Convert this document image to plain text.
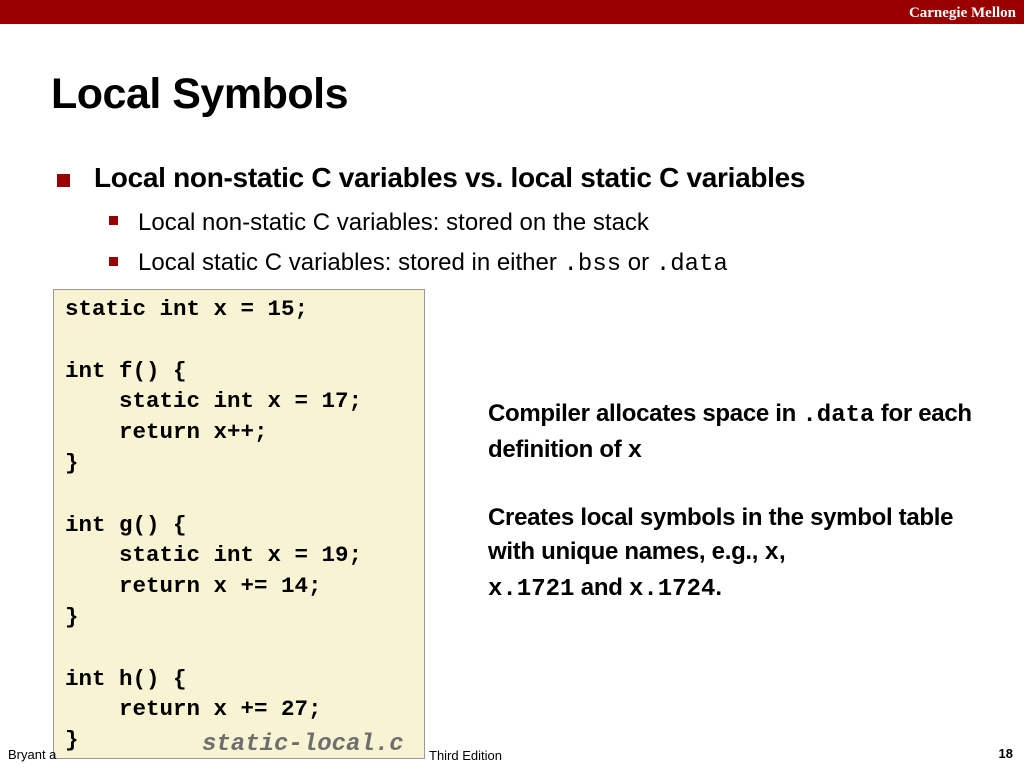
Carnegie Mellon
Local Symbols
Local non-static C variables vs. local static C variables
Local non-static C variables: stored on the stack
Local static C variables: stored in either .bss or .data
static int x = 15;

int f() {
static int x = 17;
return x++;
}

int g() {
static int x = 19;
return x += 14;
}

int h() {
return x += 27;
}	static-local.c
Compiler allocates space in .data for each definition of x
Creates local symbols in the symbol table with unique names, e.g., x,
x.1721 and x.1724.
Bryant a	Third Edition	18
